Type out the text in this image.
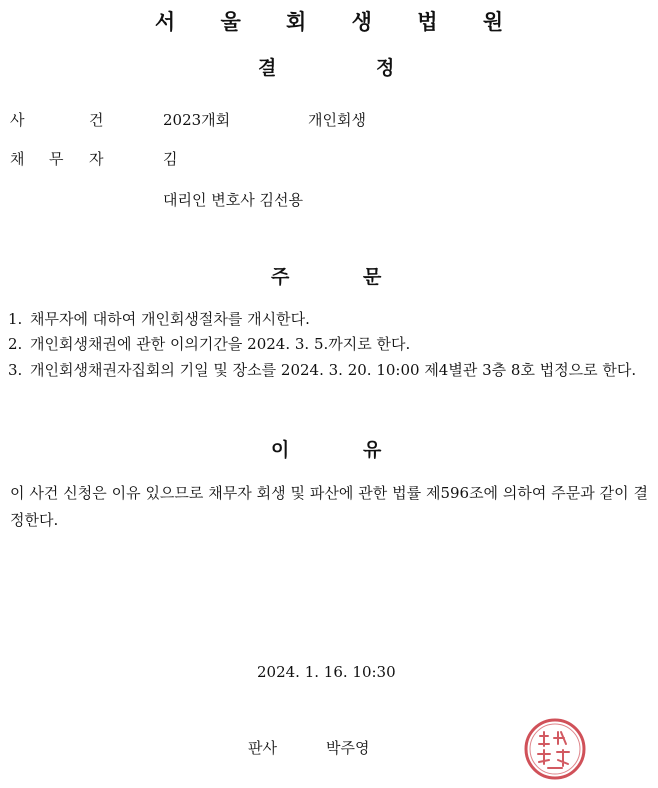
서 울 회 생 법 원
결	정
사	건	2023개회	개인회생
채 무 자	김
대리인 변호사 김선용
주	문
1. 채무자에 대하여 개인회생절차를 개시한다.
2. 개인회생채권에 관한 이의기간을 2024. 3. 5.까지로 한다.
3. 개인회생채권자집회의 기일 및 장소를 2024. 3. 20. 10:00 제4별관 3층 8호 법정으로 한다.
이	유
이 사건 신청은 이유 있으므로 채무자 회생 및 파산에 관한 법률 제596조에 의하여 주문과 같이 결정한다.
2024. 1. 16. 10:30
판사	박주영
